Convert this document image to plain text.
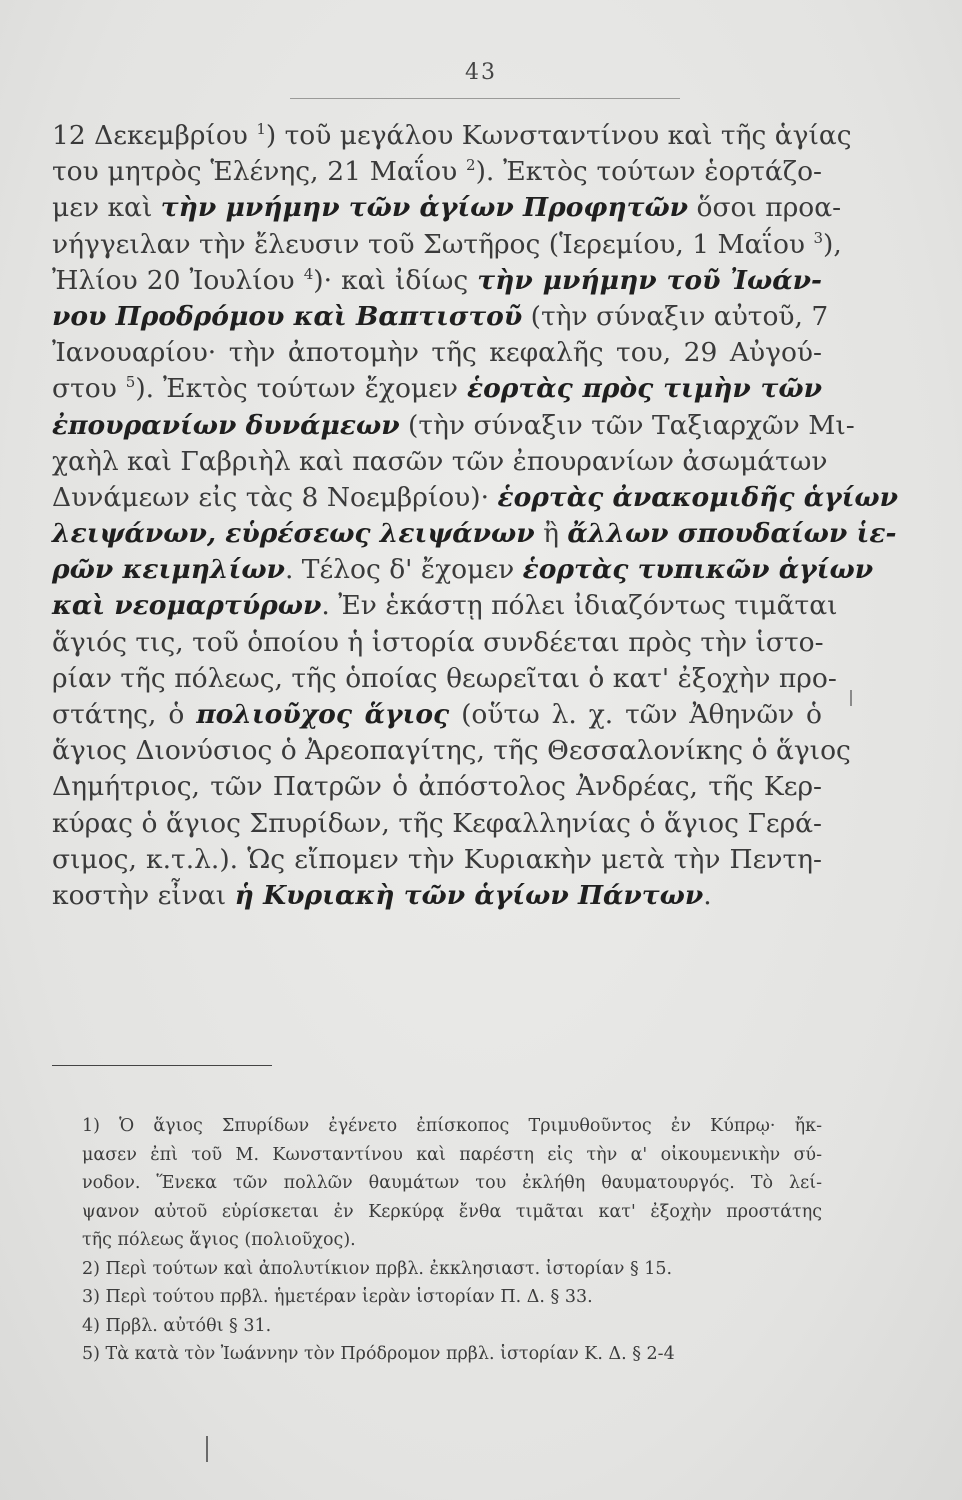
43
12 Δεκεμβρίου $^1$) τοῦ μεγάλου Κωνσταντίνου καὶ τῆς ἁγίας
του μητρὸς Ἑλένης, 21 Μαΐου $^2$). Ἐκτὸς τούτων ἑορτάζο-
μεν καὶ τὴν μνήμην τῶν ἁγίων Προφητῶν ὅσοι προα-
νήγγειλαν τὴν ἔλευσιν τοῦ Σωτῆρος (Ἱερεμίου, 1 Μαΐου $^3$),
Ἠλίου 20 Ἰουλίου $^4$)· καὶ ἰδίως τὴν μνήμην τοῦ Ἰωάν-
νου Προδρόμου καὶ Βαπτιστοῦ (τὴν σύναξιν αὐτοῦ, 7
Ἰανουαρίου· τὴν ἀποτομὴν τῆς κεφαλῆς του, 29 Αὐγού-
στου $^5$). Ἐκτὸς τούτων ἔχομεν ἑορτὰς πρὸς τιμὴν τῶν
ἐπουρανίων δυνάμεων (τὴν σύναξιν τῶν Ταξιαρχῶν Μι-
χαὴλ καὶ Γαβριὴλ καὶ πασῶν τῶν ἐπουρανίων ἀσωμάτων
Δυνάμεων εἰς τὰς 8 Νοεμβρίου)· ἑορτὰς ἀνακομιδῆς ἁγίων
λειψάνων, εὑρέσεως λειψάνων ἢ ἄλλων σπουδαίων ἱε-
ρῶν κειμηλίων. Τέλος δ' ἔχομεν ἑορτὰς τυπικῶν ἁγίων
καὶ νεομαρτύρων. Ἐν ἑκάστῃ πόλει ἰδιαζόντως τιμᾶται
ἅγιός τις, τοῦ ὁποίου ἡ ἱστορία συνδέεται πρὸς τὴν ἱστο-
ρίαν τῆς πόλεως, τῆς ὁποίας θεωρεῖται ὁ κατ' ἐξοχὴν προ-
στάτης, ὁ πολιοῦχος ἅγιος (οὕτω λ. χ. τῶν Ἀθηνῶν ὁ
ἅγιος Διονύσιος ὁ Ἀρεοπαγίτης, τῆς Θεσσαλονίκης ὁ ἅγιος
Δημήτριος, τῶν Πατρῶν ὁ ἀπόστολος Ἀνδρέας, τῆς Κερ-
κύρας ὁ ἅγιος Σπυρίδων, τῆς Κεφαλληνίας ὁ ἅγιος Γερά-
σιμος, κ.τ.λ.). Ὡς εἴπομεν τὴν Κυριακὴν μετὰ τὴν Πεντη-
κοστὴν εἶναι ἡ Κυριακὴ τῶν ἁγίων Πάντων.
1) Ὁ ἅγιος Σπυρίδων ἐγένετο ἐπίσκοπος Τριμυθοῦντος ἐν Κύπρῳ· ἤκ-
μασεν ἐπὶ τοῦ Μ. Κωνσταντίνου καὶ παρέστη εἰς τὴν α' οἰκουμενικὴν σύ-
νοδον. Ἕνεκα τῶν πολλῶν θαυμάτων του ἐκλήθη θαυματουργός. Τὸ λεί-
ψανον αὐτοῦ εὑρίσκεται ἐν Κερκύρᾳ ἔνθα τιμᾶται κατ' ἐξοχὴν προστάτης
τῆς πόλεως ἅγιος (πολιοῦχος).
2) Περὶ τούτων καὶ ἀπολυτίκιον πρβλ. ἐκκλησιαστ. ἱστορίαν § 15.
3) Περὶ τούτου πρβλ. ἡμετέραν ἱερὰν ἱστορίαν Π. Δ. § 33.
4) Πρβλ. αὐτόθι § 31.
5) Τὰ κατὰ τὸν Ἰωάννην τὸν Πρόδρομον πρβλ. ἱστορίαν Κ. Δ. § 2-4
